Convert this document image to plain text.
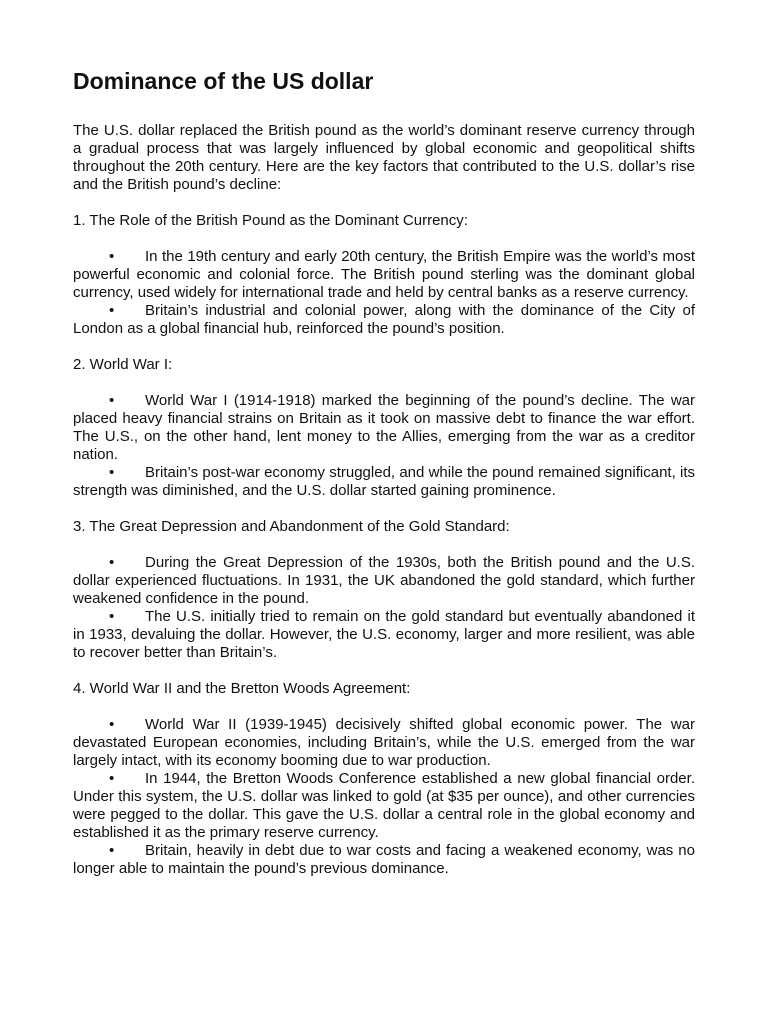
Dominance of the US dollar

The U.S. dollar replaced the British pound as the world’s dominant reserve currency through a gradual process that was largely influenced by global economic and geopolitical shifts throughout the 20th century. Here are the key factors that contributed to the U.S. dollar’s rise and the British pound’s decline:

1. The Role of the British Pound as the Dominant Currency:

• In the 19th century and early 20th century, the British Empire was the world’s most powerful economic and colonial force. The British pound sterling was the dominant global currency, used widely for international trade and held by central banks as a reserve currency.

• Britain’s industrial and colonial power, along with the dominance of the City of London as a global financial hub, reinforced the pound’s position.

2. World War I:

• World War I (1914-1918) marked the beginning of the pound’s decline. The war placed heavy financial strains on Britain as it took on massive debt to finance the war effort. The U.S., on the other hand, lent money to the Allies, emerging from the war as a creditor nation.

• Britain’s post-war economy struggled, and while the pound remained significant, its strength was diminished, and the U.S. dollar started gaining prominence.

3. The Great Depression and Abandonment of the Gold Standard:

• During the Great Depression of the 1930s, both the British pound and the U.S. dollar experienced fluctuations. In 1931, the UK abandoned the gold standard, which further weakened confidence in the pound.

• The U.S. initially tried to remain on the gold standard but eventually abandoned it in 1933, devaluing the dollar. However, the U.S. economy, larger and more resilient, was able to recover better than Britain’s.

4. World War II and the Bretton Woods Agreement:

• World War II (1939-1945) decisively shifted global economic power. The war devastated European economies, including Britain’s, while the U.S. emerged from the war largely intact, with its economy booming due to war production.

• In 1944, the Bretton Woods Conference established a new global financial order. Under this system, the U.S. dollar was linked to gold (at $35 per ounce), and other currencies were pegged to the dollar. This gave the U.S. dollar a central role in the global economy and established it as the primary reserve currency.

• Britain, heavily in debt due to war costs and facing a weakened economy, was no longer able to maintain the pound’s previous dominance.
